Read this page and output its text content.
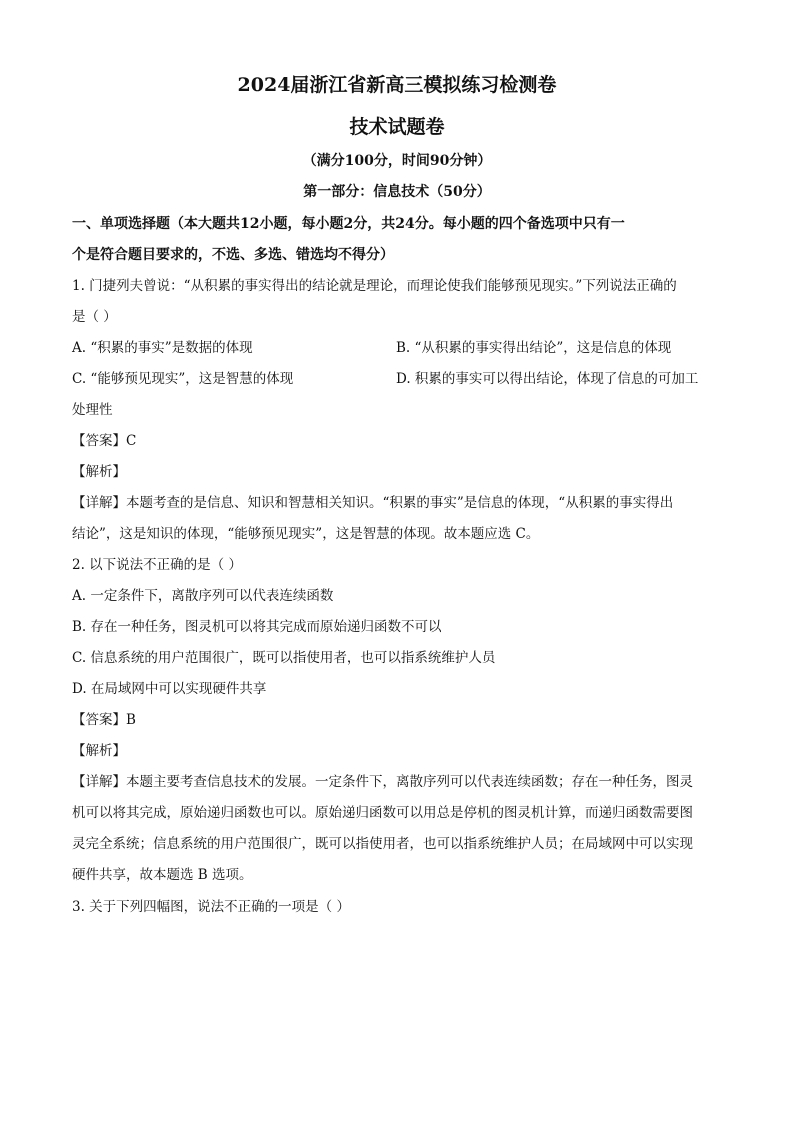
2024届浙江省新高三模拟练习检测卷
技术试题卷
（满分100分，时间90分钟）
第一部分：信息技术（50分）
一、单项选择题（本大题共12小题，每小题2分，共24分。每小题的四个备选项中只有一
个是符合题目要求的，不选、多选、错选均不得分）
1. 门捷列夫曾说：“从积累的事实得出的结论就是理论，而理论使我们能够预见现实。”下列说法正确的
是（ ）
A. “积累的事实”是数据的体现	B. “从积累的事实得出结论”，这是信息的体现
C. “能够预见现实”，这是智慧的体现	D. 积累的事实可以得出结论，体现了信息的可加工
处理性
【答案】C
【解析】
【详解】本题考查的是信息、知识和智慧相关知识。“积累的事实”是信息的体现，“从积累的事实得出
结论”，这是知识的体现，“能够预见现实”，这是智慧的体现。故本题应选 C。
2. 以下说法不正确的是（ ）
A. 一定条件下，离散序列可以代表连续函数
B. 存在一种任务，图灵机可以将其完成而原始递归函数不可以
C. 信息系统的用户范围很广，既可以指使用者，也可以指系统维护人员
D. 在局域网中可以实现硬件共享
【答案】B
【解析】
【详解】本题主要考查信息技术的发展。一定条件下，离散序列可以代表连续函数；存在一种任务，图灵
机可以将其完成，原始递归函数也可以。原始递归函数可以用总是停机的图灵机计算，而递归函数需要图
灵完全系统；信息系统的用户范围很广，既可以指使用者，也可以指系统维护人员；在局域网中可以实现
硬件共享，故本题选 B 选项。
3. 关于下列四幅图，说法不正确的一项是（ ）
